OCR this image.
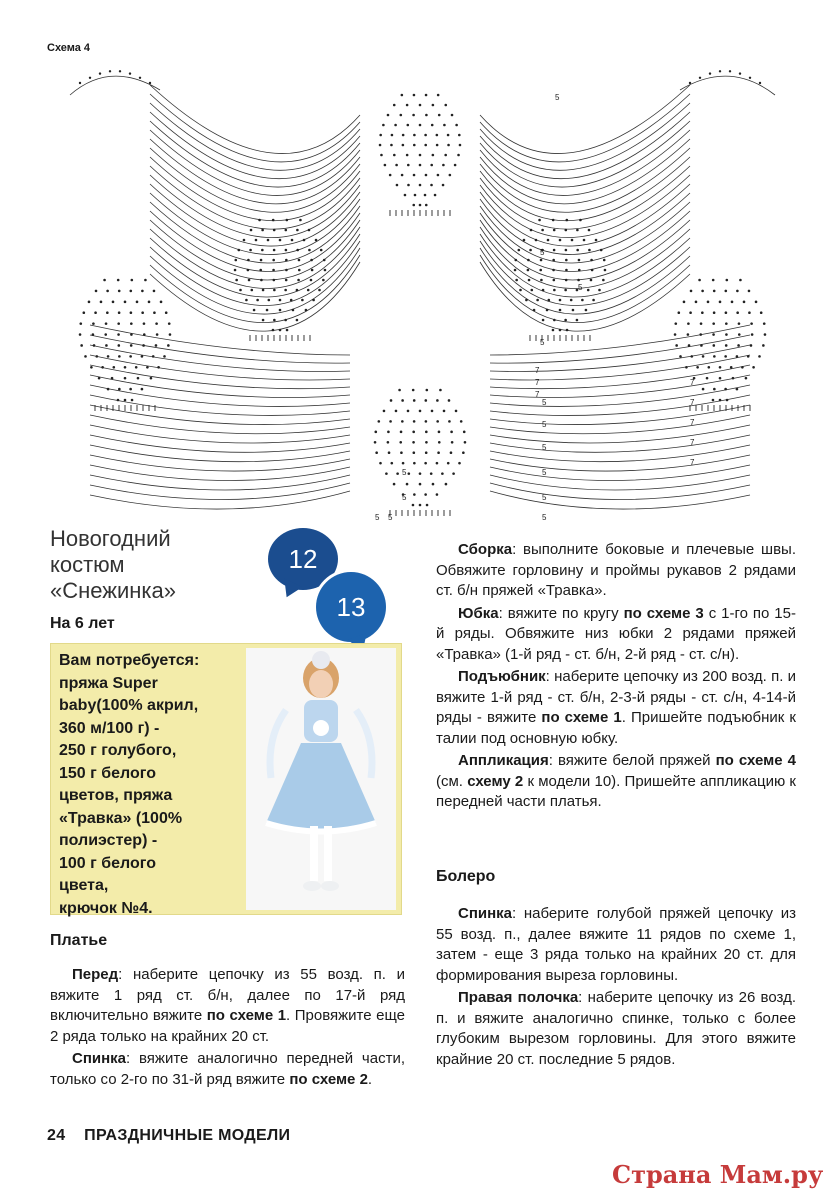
Схема 4
5
5
5
5
5
5
5
5
5
5
5 5
5
5
7
7
7
7
7
7
7
7
Новогодний
костюм
«Снежинка»
На 6 лет
12
13
Вам потребуется:
пряжа Super
baby(100% акрил,
360 м/100 г) -
250 г голубого,
150 г белого
цветов, пряжа
«Травка» (100%
полиэстер) -
100 г белого
цвета,
крючок №4.
Платье

Перед: наберите цепочку из 55 возд. п. и вяжите 1 ряд ст. б/н, далее по 17-й ряд включительно вяжите по схеме 1. Провяжите еще 2 ряда только на крайних 20 ст.

Спинка: вяжите аналогично передней части, только со 2-го по 31-й ряд вяжите по схеме 2.

Сборка: выполните боковые и плечевые швы. Обвяжите горловину и проймы рукавов 2 рядами ст. б/н пряжей «Травка».

Юбка: вяжите по кругу по схеме 3 с 1-го по 15-й ряды. Обвяжите низ юбки 2 рядами пряжей «Травка» (1-й ряд - ст. б/н, 2-й ряд - ст. с/н).

Подъюбник: наберите цепочку из 200 возд. п. и вяжите 1-й ряд - ст. б/н, 2-3-й ряды - ст. с/н, 4-14-й ряды - вяжите по схеме 1. Пришейте подъюбник к талии под основную юбку.

Аппликация: вяжите белой пряжей по схеме 4 (см. схему 2 к модели 10). Пришейте аппликацию к передней части платья.

Болеро

Спинка: наберите голубой пряжей цепочку из 55 возд. п., далее вяжите 11 рядов по схеме 1, затем - еще 3 ряда только на крайних 20 ст. для формирования выреза горловины.

Правая полочка: наберите цепочку из 26 возд. п. и вяжите аналогично спинке, только с более глубоким вырезом горловины. Для этого вяжите крайние 20 ст. последние 5 рядов.

24 ПРАЗДНИЧНЫЕ МОДЕЛИ
Страна Мам.ру
